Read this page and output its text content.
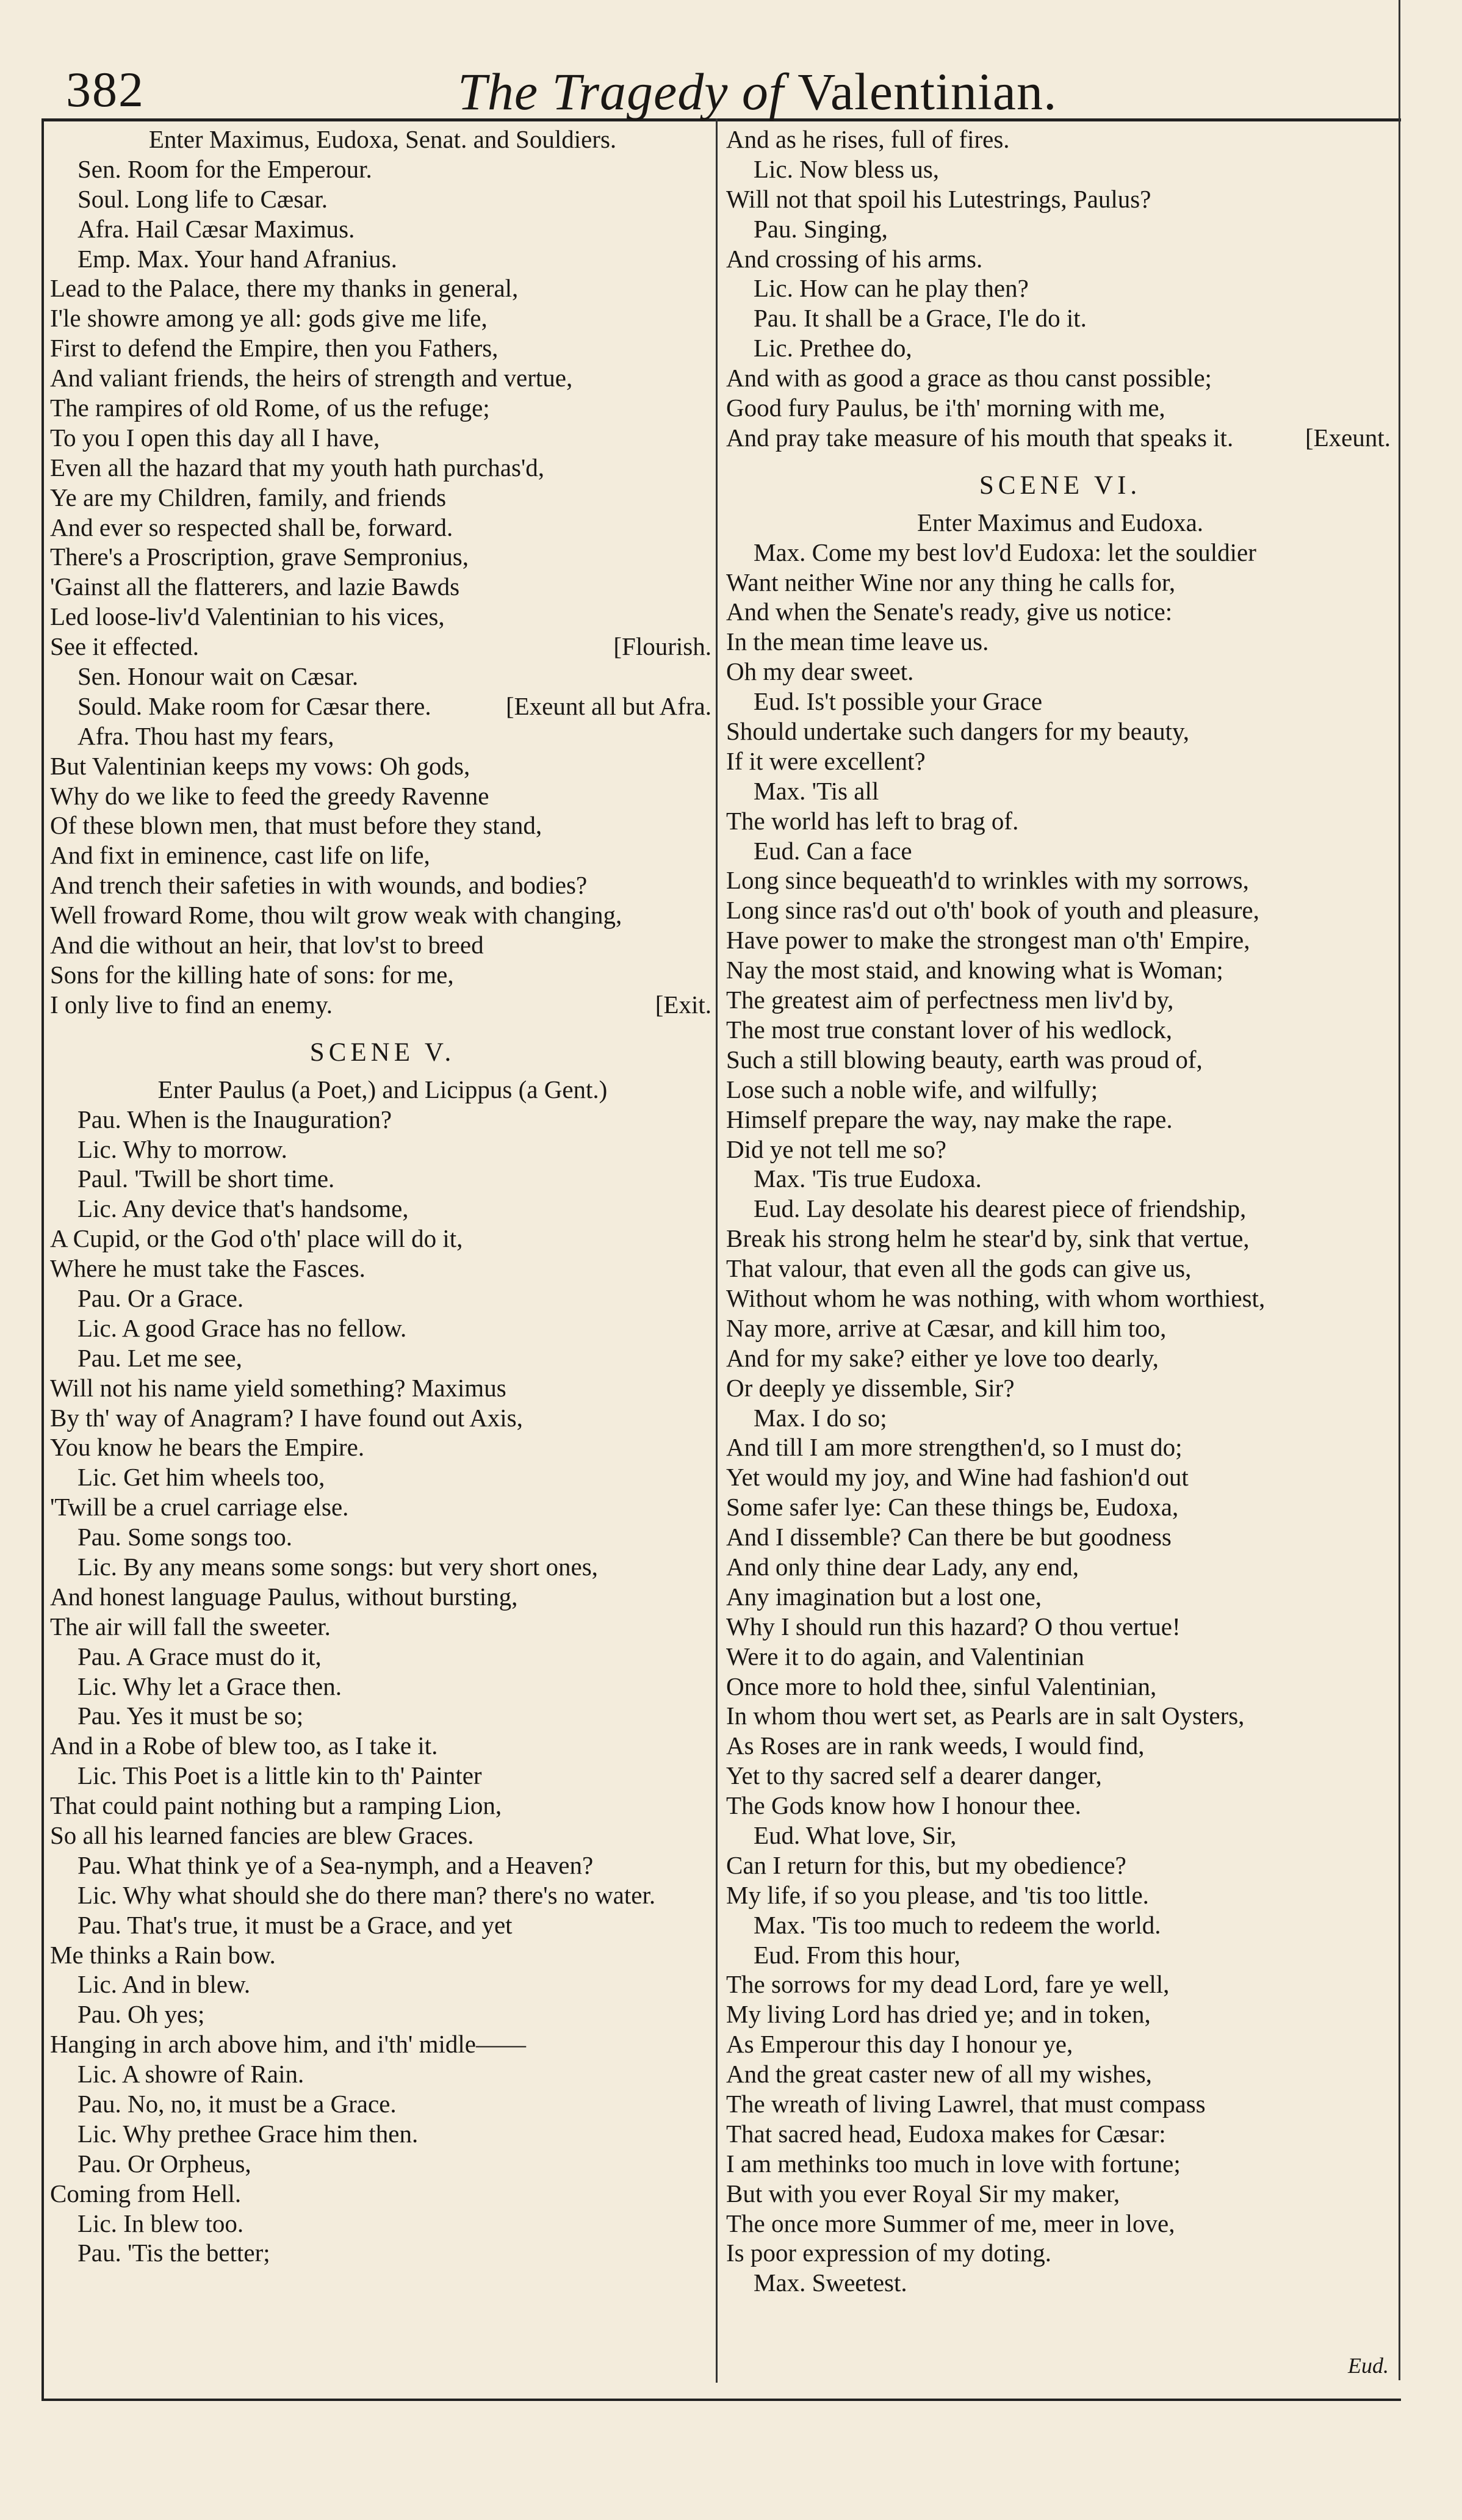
382	The Tragedy of Valentinian.
Enter Maximus, Eudoxa, Senat. and Souldiers.
Sen. Room for the Emperour.
Soul. Long life to Cæsar.
Afra. Hail Cæsar Maximus.
Emp. Max. Your hand Afranius.
Lead to the Palace, there my thanks in general,
I'le showre among ye all: gods give me life,
First to defend the Empire, then you Fathers,
And valiant friends, the heirs of strength and vertue,
The rampires of old Rome, of us the refuge;
To you I open this day all I have,
Even all the hazard that my youth hath purchas'd,
Ye are my Children, family, and friends
And ever so respected shall be, forward.
There's a Proscription, grave Sempronius,
'Gainst all the flatterers, and lazie Bawds
Led loose-liv'd Valentinian to his vices,
See it effected.	[Flourish.
Sen. Honour wait on Cæsar.
Sould. Make room for Cæsar there.	[Exeunt all but Afra.
Afra. Thou hast my fears,
But Valentinian keeps my vows: Oh gods,
Why do we like to feed the greedy Ravenne
Of these blown men, that must before they stand,
And fixt in eminence, cast life on life,
And trench their safeties in with wounds, and bodies?
Well froward Rome, thou wilt grow weak with changing,
And die without an heir, that lov'st to breed
Sons for the killing hate of sons: for me,
I only live to find an enemy.	[Exit.
SCENE V.
Enter Paulus (a Poet,) and Licippus (a Gent.)
Pau. When is the Inauguration?
Lic. Why to morrow.
Paul. 'Twill be short time.
Lic. Any device that's handsome,
A Cupid, or the God o'th' place will do it,
Where he must take the Fasces.
Pau. Or a Grace.
Lic. A good Grace has no fellow.
Pau. Let me see,
Will not his name yield something? Maximus
By th' way of Anagram? I have found out Axis,
You know he bears the Empire.
Lic. Get him wheels too,
'Twill be a cruel carriage else.
Pau. Some songs too.
Lic. By any means some songs: but very short ones,
And honest language Paulus, without bursting,
The air will fall the sweeter.
Pau. A Grace must do it,
Lic. Why let a Grace then.
Pau. Yes it must be so;
And in a Robe of blew too, as I take it.
Lic. This Poet is a little kin to th' Painter
That could paint nothing but a ramping Lion,
So all his learned fancies are blew Graces.
Pau. What think ye of a Sea-nymph, and a Heaven?
Lic. Why what should she do there man? there's no water.
Pau. That's true, it must be a Grace, and yet
Me thinks a Rain bow.
Lic. And in blew.
Pau. Oh yes;
Hanging in arch above him, and i'th' midle——
Lic. A showre of Rain.
Pau. No, no, it must be a Grace.
Lic. Why prethee Grace him then.
Pau. Or Orpheus,
Coming from Hell.
Lic. In blew too.
Pau. 'Tis the better;
And as he rises, full of fires.
Lic. Now bless us,
Will not that spoil his Lutestrings, Paulus?
Pau. Singing,
And crossing of his arms.
Lic. How can he play then?
Pau. It shall be a Grace, I'le do it.
Lic. Prethee do,
And with as good a grace as thou canst possible;
Good fury Paulus, be i'th' morning with me,
And pray take measure of his mouth that speaks it.	[Exeunt.
SCENE VI.
Enter Maximus and Eudoxa.
Max. Come my best lov'd Eudoxa: let the souldier
Want neither Wine nor any thing he calls for,
And when the Senate's ready, give us notice:
In the mean time leave us.
Oh my dear sweet.
Eud. Is't possible your Grace
Should undertake such dangers for my beauty,
If it were excellent?
Max. 'Tis all
The world has left to brag of.
Eud. Can a face
Long since bequeath'd to wrinkles with my sorrows,
Long since ras'd out o'th' book of youth and pleasure,
Have power to make the strongest man o'th' Empire,
Nay the most staid, and knowing what is Woman;
The greatest aim of perfectness men liv'd by,
The most true constant lover of his wedlock,
Such a still blowing beauty, earth was proud of,
Lose such a noble wife, and wilfully;
Himself prepare the way, nay make the rape.
Did ye not tell me so?
Max. 'Tis true Eudoxa.
Eud. Lay desolate his dearest piece of friendship,
Break his strong helm he stear'd by, sink that vertue,
That valour, that even all the gods can give us,
Without whom he was nothing, with whom worthiest,
Nay more, arrive at Cæsar, and kill him too,
And for my sake? either ye love too dearly,
Or deeply ye dissemble, Sir?
Max. I do so;
And till I am more strengthen'd, so I must do;
Yet would my joy, and Wine had fashion'd out
Some safer lye: Can these things be, Eudoxa,
And I dissemble? Can there be but goodness
And only thine dear Lady, any end,
Any imagination but a lost one,
Why I should run this hazard? O thou vertue!
Were it to do again, and Valentinian
Once more to hold thee, sinful Valentinian,
In whom thou wert set, as Pearls are in salt Oysters,
As Roses are in rank weeds, I would find,
Yet to thy sacred self a dearer danger,
The Gods know how I honour thee.
Eud. What love, Sir,
Can I return for this, but my obedience?
My life, if so you please, and 'tis too little.
Max. 'Tis too much to redeem the world.
Eud. From this hour,
The sorrows for my dead Lord, fare ye well,
My living Lord has dried ye; and in token,
As Emperour this day I honour ye,
And the great caster new of all my wishes,
The wreath of living Lawrel, that must compass
That sacred head, Eudoxa makes for Cæsar:
I am methinks too much in love with fortune;
But with you ever Royal Sir my maker,
The once more Summer of me, meer in love,
Is poor expression of my doting.
Max. Sweetest.
Eud.
